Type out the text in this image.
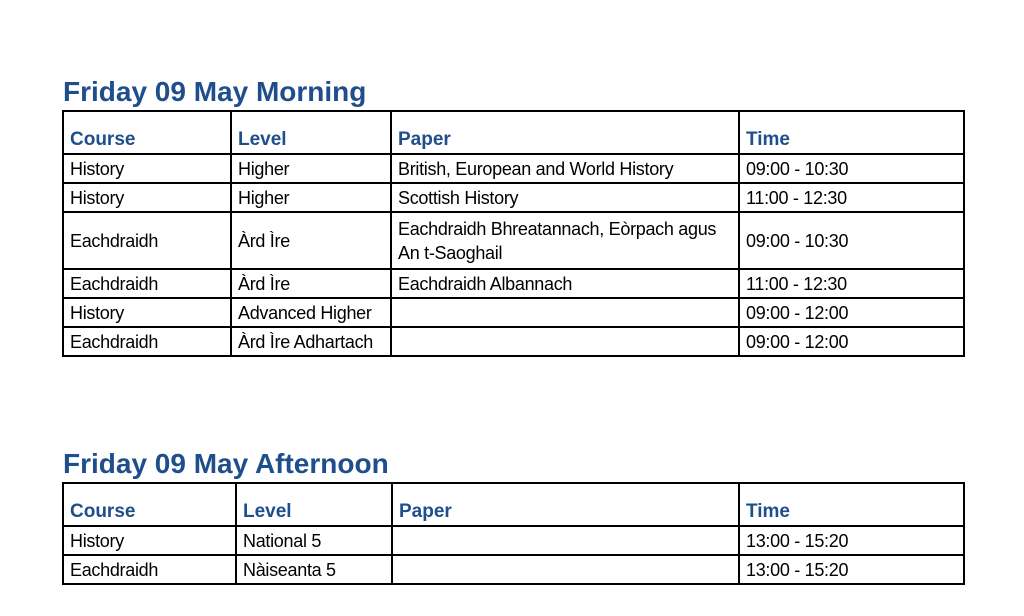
Friday 09 May Morning
Course	Level	Paper	Time
History	Higher	British, European and World History	09:00 - 10:30
History	Higher	Scottish History	11:00 - 12:30
Eachdraidh	Àrd Ìre	Eachdraidh Bhreatannach, Eòrpach agus An t-Saoghail	09:00 - 10:30
Eachdraidh	Àrd Ìre	Eachdraidh Albannach	11:00 - 12:30
History	Advanced Higher		09:00 - 12:00
Eachdraidh	Àrd Ìre Adhartach		09:00 - 12:00
Friday 09 May Afternoon
Course	Level	Paper	Time
History	National 5		13:00 - 15:20
Eachdraidh	Nàiseanta 5		13:00 - 15:20
